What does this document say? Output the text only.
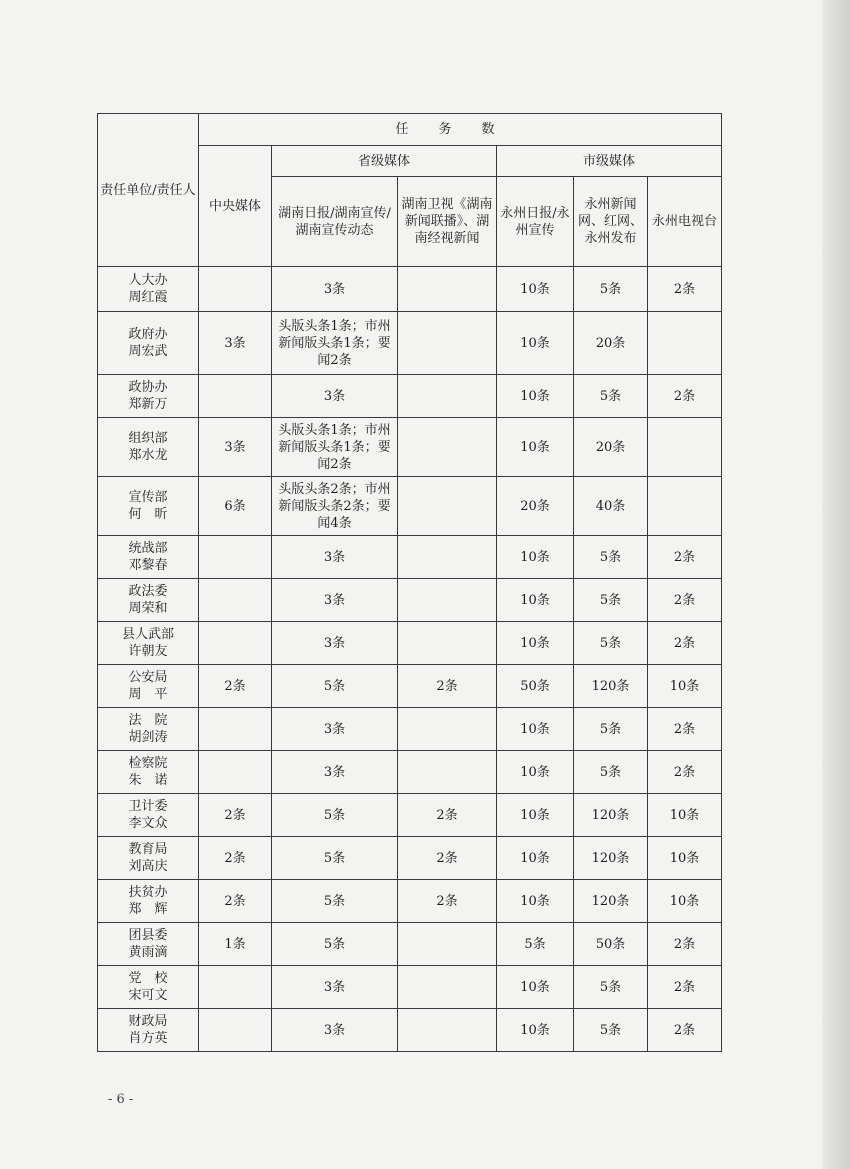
责任单位/责任人	任务数					
	中央媒体	省级媒体		市级媒体		
		湖南日报/湖南宣传/湖南宣传动态	湖南卫视《湖南新闻联播》、湖南经视新闻	永州日报/永州宣传	永州新闻网、红网、永州发布	永州电视台

人大办
周红霞		3条		10条	5条	2条

政府办
周宏武	3条	头版头条1条；市州新闻版头条1条；要闻2条		10条	20条	

政协办
郑新万		3条		10条	5条	2条

组织部
郑水龙	3条	头版头条1条；市州新闻版头条1条；要闻2条		10条	20条	

宣传部
何　昕	6条	头版头条2条；市州新闻版头条2条；要闻4条		20条	40条	

统战部
邓黎春		3条		10条	5条	2条

政法委
周荣和		3条		10条	5条	2条

县人武部
许朝友		3条		10条	5条	2条

公安局
周　平	2条	5条	2条	50条	120条	10条

法　院
胡剑涛		3条		10条	5条	2条

检察院
朱　诺		3条		10条	5条	2条

卫计委
李文众	2条	5条	2条	10条	120条	10条

教育局
刘高庆	2条	5条	2条	10条	120条	10条

扶贫办
郑　辉	2条	5条	2条	10条	120条	10条

团县委
黄雨滴	1条	5条		5条	50条	2条

党　校
宋可文		3条		10条	5条	2条

财政局
肖方英		3条		10条	5条	2条
- 6 -
